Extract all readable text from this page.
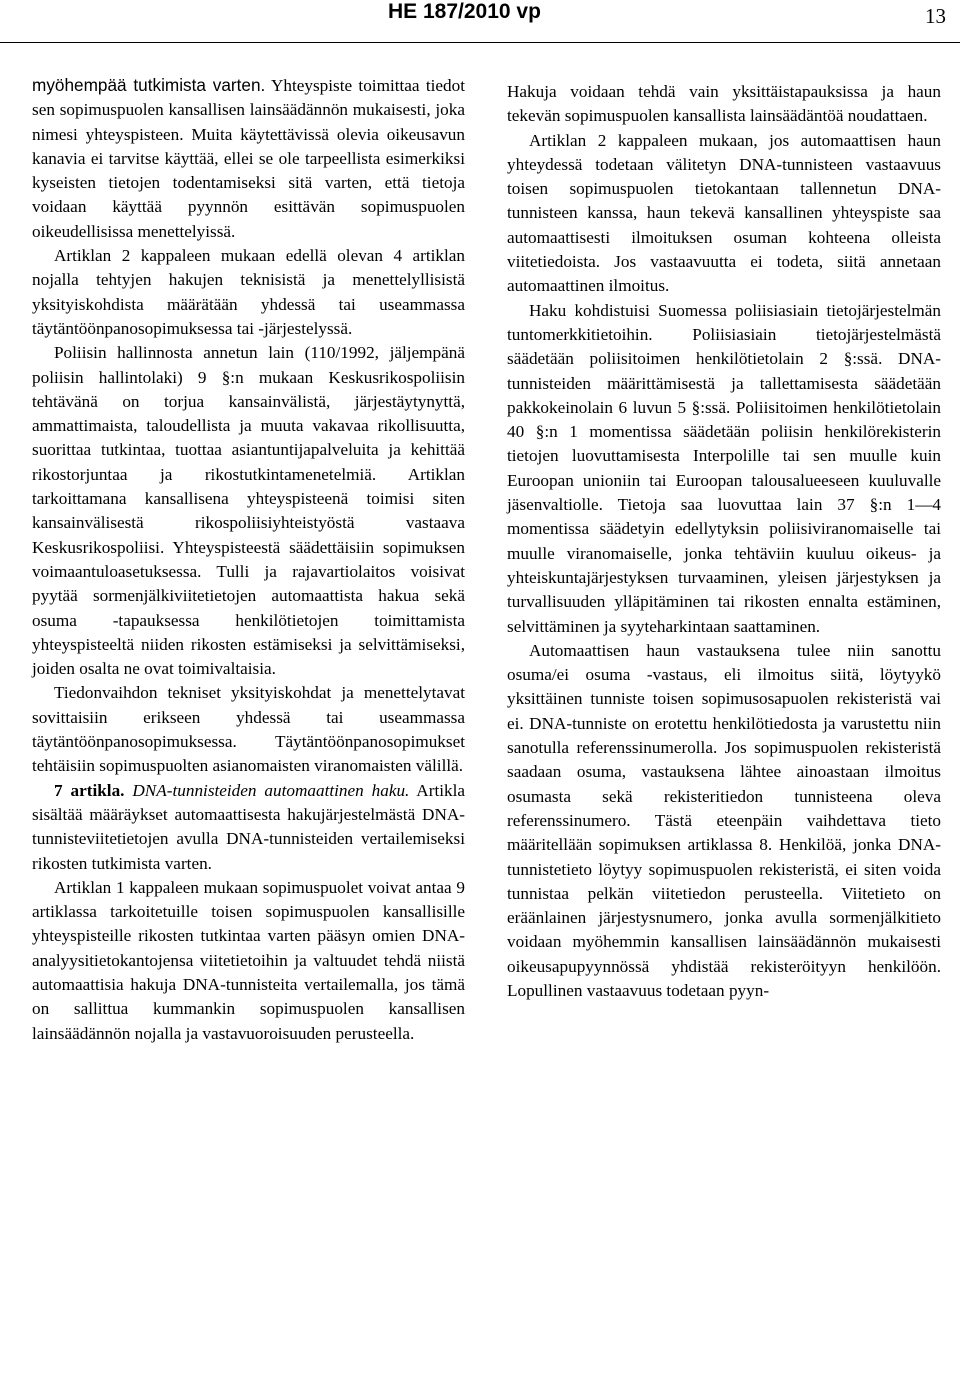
HE 187/2010 vp	13

myöhempää tutkimista varten. Yhteyspiste toimittaa tiedot sen sopimuspuolen kansallisen lainsäädännön mukaisesti, joka nimesi yhteyspisteen. Muita käytettävissä olevia oikeusavun kanavia ei tarvitse käyttää, ellei se ole tarpeellista esimerkiksi kyseisten tietojen todentamiseksi sitä varten, että tietoja voidaan käyttää pyynnön esittävän sopimuspuolen oikeudellisissa menettelyissä.

Artiklan 2 kappaleen mukaan edellä olevan 4 artiklan nojalla tehtyjen hakujen teknisistä ja menettelyllisistä yksityiskohdista määrätään yhdessä tai useammassa täytäntöönpanosopimuksessa tai -järjestelyssä.

Poliisin hallinnosta annetun lain (110/1992, jäljempänä poliisin hallintolaki) 9 §:n mukaan Keskusrikospoliisin tehtävänä on torjua kansainvälistä, järjestäytynyttä, ammattimaista, taloudellista ja muuta vakavaa rikollisuutta, suorittaa tutkintaa, tuottaa asiantuntijapalveluita ja kehittää rikostorjuntaa ja rikostutkintamenetelmiä. Artiklan tarkoittamana kansallisena yhteyspisteenä toimisi siten kansainvälisestä rikospoliisiyhteistyöstä vastaava Keskusrikospoliisi. Yhteyspisteestä säädettäisiin sopimuksen voimaantuloasetuksessa. Tulli ja rajavartiolaitos voisivat pyytää sormenjälkiviitetietojen automaattista hakua sekä osuma -tapauksessa henkilötietojen toimittamista yhteyspisteeltä niiden rikosten estämiseksi ja selvittämiseksi, joiden osalta ne ovat toimivaltaisia.

Tiedonvaihdon tekniset yksityiskohdat ja menettelytavat sovittaisiin erikseen yhdessä tai useammassa täytäntöönpanosopimuksessa. Täytäntöönpanosopimukset tehtäisiin sopimuspuolten asianomaisten viranomaisten välillä.

7 artikla. DNA-tunnisteiden automaattinen haku. Artikla sisältää määräykset automaattisesta hakujärjestelmästä DNA-tunnisteviitetietojen avulla DNA-tunnisteiden vertailemiseksi rikosten tutkimista varten.

Artiklan 1 kappaleen mukaan sopimuspuolet voivat antaa 9 artiklassa tarkoitetuille toisen sopimuspuolen kansallisille yhteyspisteille rikosten tutkintaa varten pääsyn omien DNA-analyysitietokantojensa viitetietoihin ja valtuudet tehdä niistä automaattisia hakuja DNA-tunnisteita vertailemalla, jos tämä on sallittua kummankin sopimuspuolen kansallisen lainsäädännön nojalla ja vastavuoroisuuden perusteella.

Hakuja voidaan tehdä vain yksittäistapauksissa ja haun tekevän sopimuspuolen kansallista lainsäädäntöä noudattaen.

Artiklan 2 kappaleen mukaan, jos automaattisen haun yhteydessä todetaan välitetyn DNA-tunnisteen vastaavuus toisen sopimuspuolen tietokantaan tallennetun DNA-tunnisteen kanssa, haun tekevä kansallinen yhteyspiste saa automaattisesti ilmoituksen osuman kohteena olleista viitetiedoista. Jos vastaavuutta ei todeta, siitä annetaan automaattinen ilmoitus.

Haku kohdistuisi Suomessa poliisiasiain tietojärjestelmän tuntomerkkitietoihin. Poliisiasiain tietojärjestelmästä säädetään poliisitoimen henkilötietolain 2 §:ssä. DNA-tunnisteiden määrittämisestä ja tallettamisesta säädetään pakkokeinolain 6 luvun 5 §:ssä. Poliisitoimen henkilötietolain 40 §:n 1 momentissa säädetään poliisin henkilörekisterin tietojen luovuttamisesta Interpolille tai sen muulle kuin Euroopan unioniin tai Euroopan talousalueeseen kuuluvalle jäsenvaltiolle. Tietoja saa luovuttaa lain 37 §:n 1—4 momentissa säädetyin edellytyksin poliisiviranomaiselle tai muulle viranomaiselle, jonka tehtäviin kuuluu oikeus- ja yhteiskuntajärjestyksen turvaaminen, yleisen järjestyksen ja turvallisuuden ylläpitäminen tai rikosten ennalta estäminen, selvittäminen ja syyteharkintaan saattaminen.

Automaattisen haun vastauksena tulee niin sanottu osuma/ei osuma -vastaus, eli ilmoitus siitä, löytyykö yksittäinen tunniste toisen sopimusosapuolen rekisteristä vai ei. DNA-tunniste on erotettu henkilötiedosta ja varustettu niin sanotulla referenssinumerolla. Jos sopimuspuolen rekisteristä saadaan osuma, vastauksena lähtee ainoastaan ilmoitus osumasta sekä rekisteritiedon tunnisteena oleva referenssinumero. Tästä eteenpäin vaihdettava tieto määritellään sopimuksen artiklassa 8. Henkilöä, jonka DNA-tunnistetieto löytyy sopimuspuolen rekisteristä, ei siten voida tunnistaa pelkän viitetiedon perusteella. Viitetieto on eräänlainen järjestysnumero, jonka avulla sormenjälkitieto voidaan myöhemmin kansallisen lainsäädännön mukaisesti oikeusapupyynnössä yhdistää rekisteröityyn henkilöön. Lopullinen vastaavuus todetaan pyyn-
